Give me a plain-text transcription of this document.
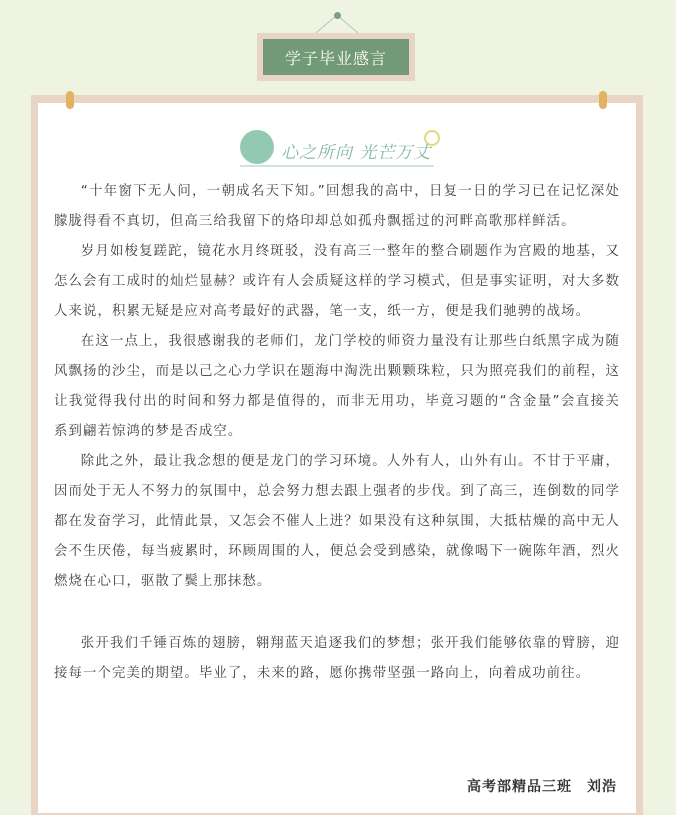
学子毕业感言
心之所向 光芒万丈

“十年窗下无人问，一朝成名天下知。”回想我的高中，日复一日的学习已在记忆深处朦胧得看不真切，但高三给我留下的烙印却总如孤舟飘摇过的河畔高歌那样鲜活。

岁月如梭复蹉跎，镜花水月终斑驳，没有高三一整年的整合刷题作为宫殿的地基，又怎么会有工成时的灿烂显赫？或许有人会质疑这样的学习模式，但是事实证明，对大多数人来说，积累无疑是应对高考最好的武器，笔一支，纸一方，便是我们驰骋的战场。

在这一点上，我很感谢我的老师们，龙门学校的师资力量没有让那些白纸黑字成为随风飘扬的沙尘，而是以己之心力学识在题海中淘洗出颗颗珠粒，只为照亮我们的前程，这让我觉得我付出的时间和努力都是值得的，而非无用功，毕竟习题的“含金量”会直接关系到翩若惊鸿的梦是否成空。

除此之外，最让我念想的便是龙门的学习环境。人外有人，山外有山。不甘于平庸，因而处于无人不努力的氛围中，总会努力想去跟上强者的步伐。到了高三，连倒数的同学都在发奋学习，此情此景，又怎会不催人上进？如果没有这种氛围，大抵枯燥的高中无人会不生厌倦，每当疲累时，环顾周围的人，便总会受到感染，就像喝下一碗陈年酒，烈火燃烧在心口，驱散了鬓上那抹愁。

张开我们千锤百炼的翅膀，翱翔蓝天追逐我们的梦想；张开我们能够依靠的臂膀，迎接每一个完美的期望。毕业了，未来的路，愿你携带坚强一路向上，向着成功前往。

高考部精品三班　刘浩
